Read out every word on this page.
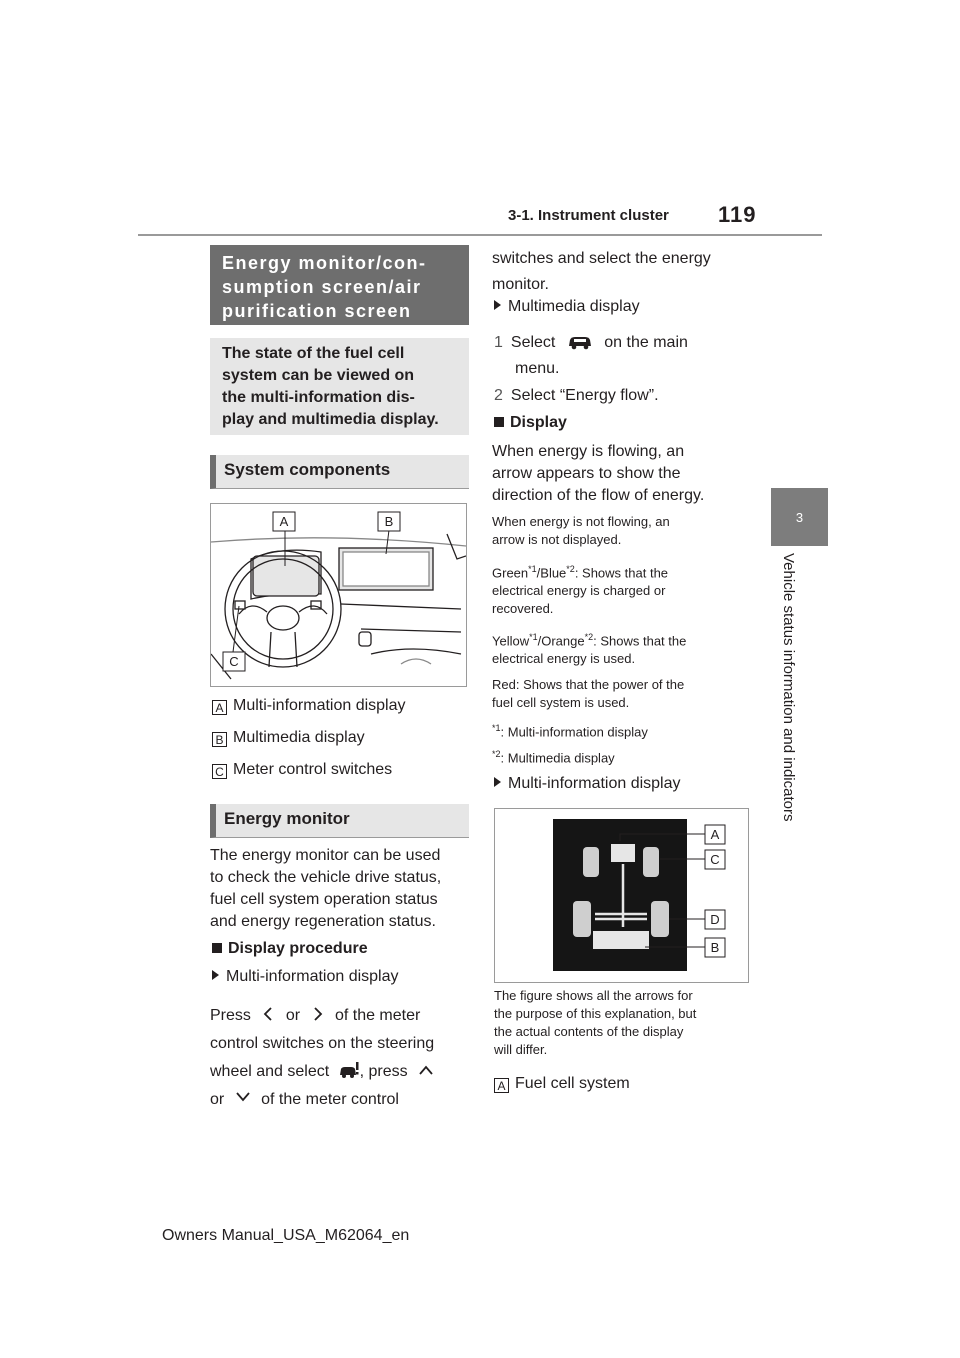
3-1. Instrument cluster 119
3
Vehicle status information and indicators
Energy monitor/con-
sumption screen/air
purification screen
The state of the fuel cell
system can be viewed on
the multi-information dis-
play and multimedia display.
System components
A	B
C
A Multi-information display
B Multimedia display
C Meter control switches
Energy monitor
The energy monitor can be used
to check the vehicle drive status,
fuel cell system operation status
and energy regeneration status.
Display procedure
Multi-information display
Press or of the meter
control switches on the steering
wheel and select , press
or of the meter control
switches and select the energy
monitor.
Multimedia display
1 Select	on the main
menu.
2 Select “Energy flow”.
Display
When energy is flowing, an
arrow appears to show the
direction of the flow of energy.
When energy is not flowing, an
arrow is not displayed.
Green$^{*1}$/Blue$^{*2}$: Shows that the
electrical energy is charged or
recovered.
Yellow$^{*1}$/Orange$^{*2}$: Shows that the
electrical energy is used.
Red: Shows that the power of the
fuel cell system is used.
$^{*1}$: Multi-information display
$^{*2}$: Multimedia display
Multi-information display
A
C
D
B
The figure shows all the arrows for
the purpose of this explanation, but
the actual contents of the display
will differ.
A Fuel cell system
Owners Manual_USA_M62064_en
